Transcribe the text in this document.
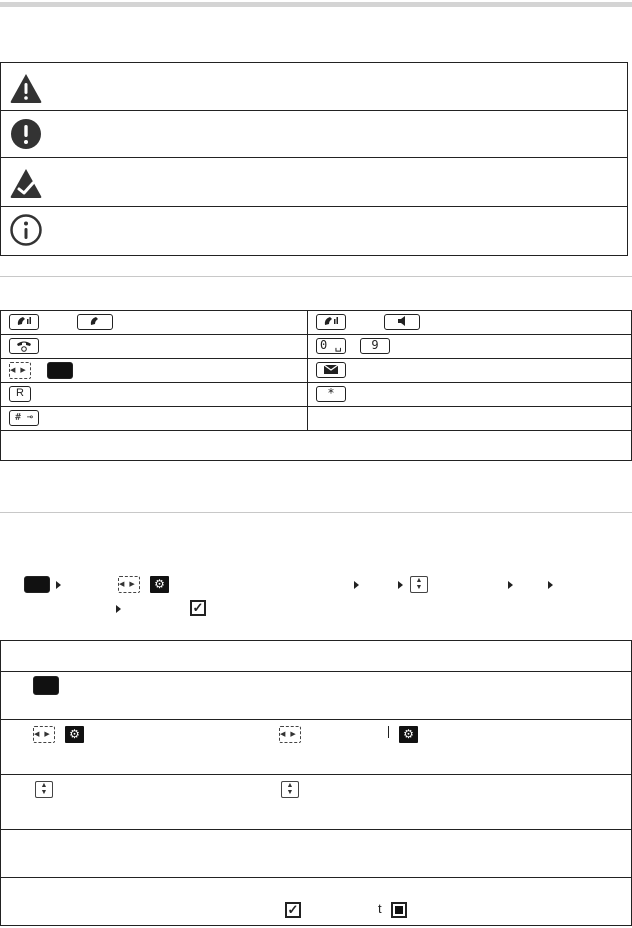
0 ␣	9
◀▶
R	*
# ⊸
◀▶
⚙	▲
▼
✓
◀▶
⚙
◀▶	⚙
▲
▼
▲
▼
✓	t
